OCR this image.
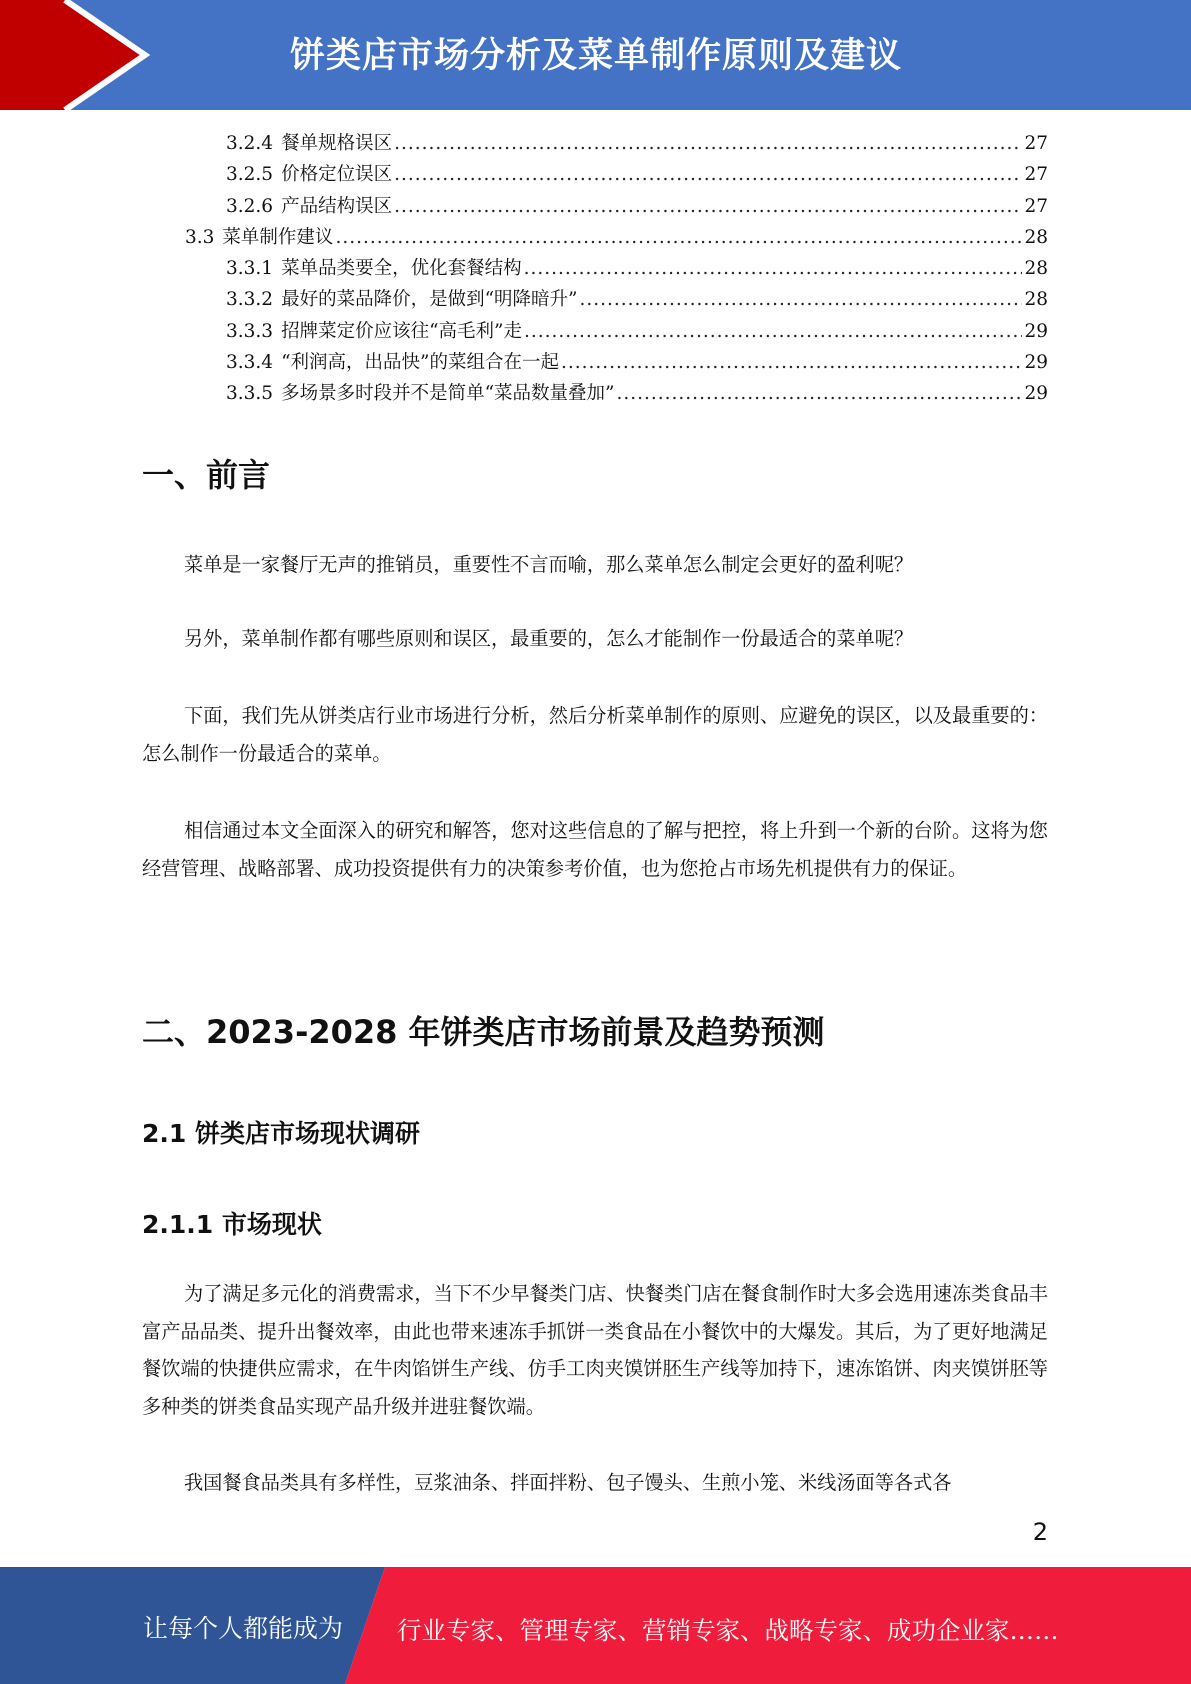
饼类店市场分析及菜单制作原则及建议
3.2.4 餐单规格误区 .....	27
3.2.5 价格定位误区 .....	27
3.2.6 产品结构误区 .....	27
3.3 菜单制作建议 .....	28
3.3.1 菜单品类要全，优化套餐结构 .....	28
3.3.2 最好的菜品降价，是做到“明降暗升” .....	28
3.3.3 招牌菜定价应该往“高毛利”走 .....	29
3.3.4 “利润高，出品快”的菜组合在一起 .....	29
3.3.5 多场景多时段并不是简单“菜品数量叠加” .....	29
一、前言
菜单是一家餐厅无声的推销员，重要性不言而喻，那么菜单怎么制定会更好的盈利呢？
另外，菜单制作都有哪些原则和误区，最重要的，怎么才能制作一份最适合的菜单呢？
下面，我们先从饼类店行业市场进行分析，然后分析菜单制作的原则、应避免的误区，以及最重要的：怎么制作一份最适合的菜单。
相信通过本文全面深入的研究和解答，您对这些信息的了解与把控，将上升到一个新的台阶。这将为您经营管理、战略部署、成功投资提供有力的决策参考价值，也为您抢占市场先机提供有力的保证。
二、2023-2028 年饼类店市场前景及趋势预测
2.1 饼类店市场现状调研
2.1.1 市场现状
为了满足多元化的消费需求，当下不少早餐类门店、快餐类门店在餐食制作时大多会选用速冻类食品丰富产品品类、提升出餐效率，由此也带来速冻手抓饼一类食品在小餐饮中的大爆发。其后，为了更好地满足餐饮端的快捷供应需求，在牛肉馅饼生产线、仿手工肉夹馍饼胚生产线等加持下，速冻馅饼、肉夹馍饼胚等多种类的饼类食品实现产品升级并进驻餐饮端。
我国餐食品类具有多样性，豆浆油条、拌面拌粉、包子馒头、生煎小笼、米线汤面等各式各
2
让每个人都能成为 行业专家、管理专家、营销专家、战略专家、成功企业家……
